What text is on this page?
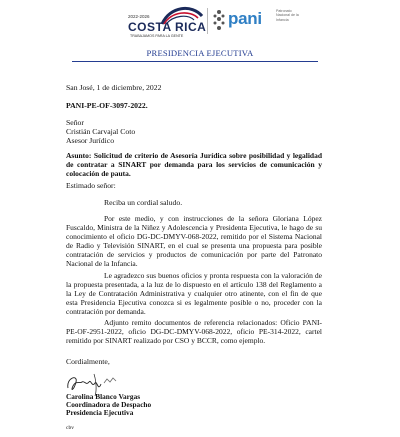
2022-2026
COSTA RICA
TRABAJAMOS PARA LA GENTE
pani	Patronato Nacional de la Infancia
PRESIDENCIA EJECUTIVA
San José, 1 de diciembre, 2022
PANI-PE-OF-3097-2022.
Señor
Cristián Carvajal Coto
Asesor Jurídico
Asunto: Solicitud de criterio de Asesoría Jurídica sobre posibilidad y legalidad de contratar a SINART por demanda para los servicios de comunicación y colocación de pauta.
Estimado señor:
Reciba un cordial saludo.
Por este medio, y con instrucciones de la señora Gloriana López Fuscaldo, Ministra de la Niñez y Adolescencia y Presidenta Ejecutiva, le hago de su conocimiento el oficio DG-DC-DMYV-068-2022, remitido por el Sistema Nacional de Radio y Televisión SINART, en el cual se presenta una propuesta para posible contratación de servicios y productos de comunicación por parte del Patronato Nacional de la Infancia.
Le agradezco sus buenos oficios y pronta respuesta con la valoración de la propuesta presentada, a la luz de lo dispuesto en el artículo 138 del Reglamento a la Ley de Contratación Administrativa y cualquier otro atinente, con el fin de que esta Presidencia Ejecutiva conozca si es legalmente posible o no, proceder con la contratación por demanda.
Adjunto remito documentos de referencia relacionados: Oficio PANI-PE-OF-2951-2022, oficio DG-DC-DMYV-068-2022, oficio PE-314-2022, cartel remitido por SINART realizado por CSO y BCCR, como ejemplo.
Cordialmente,
Carolina Blanco Vargas
Coordinadora de Despacho
Presidencia Ejecutiva
cbv
